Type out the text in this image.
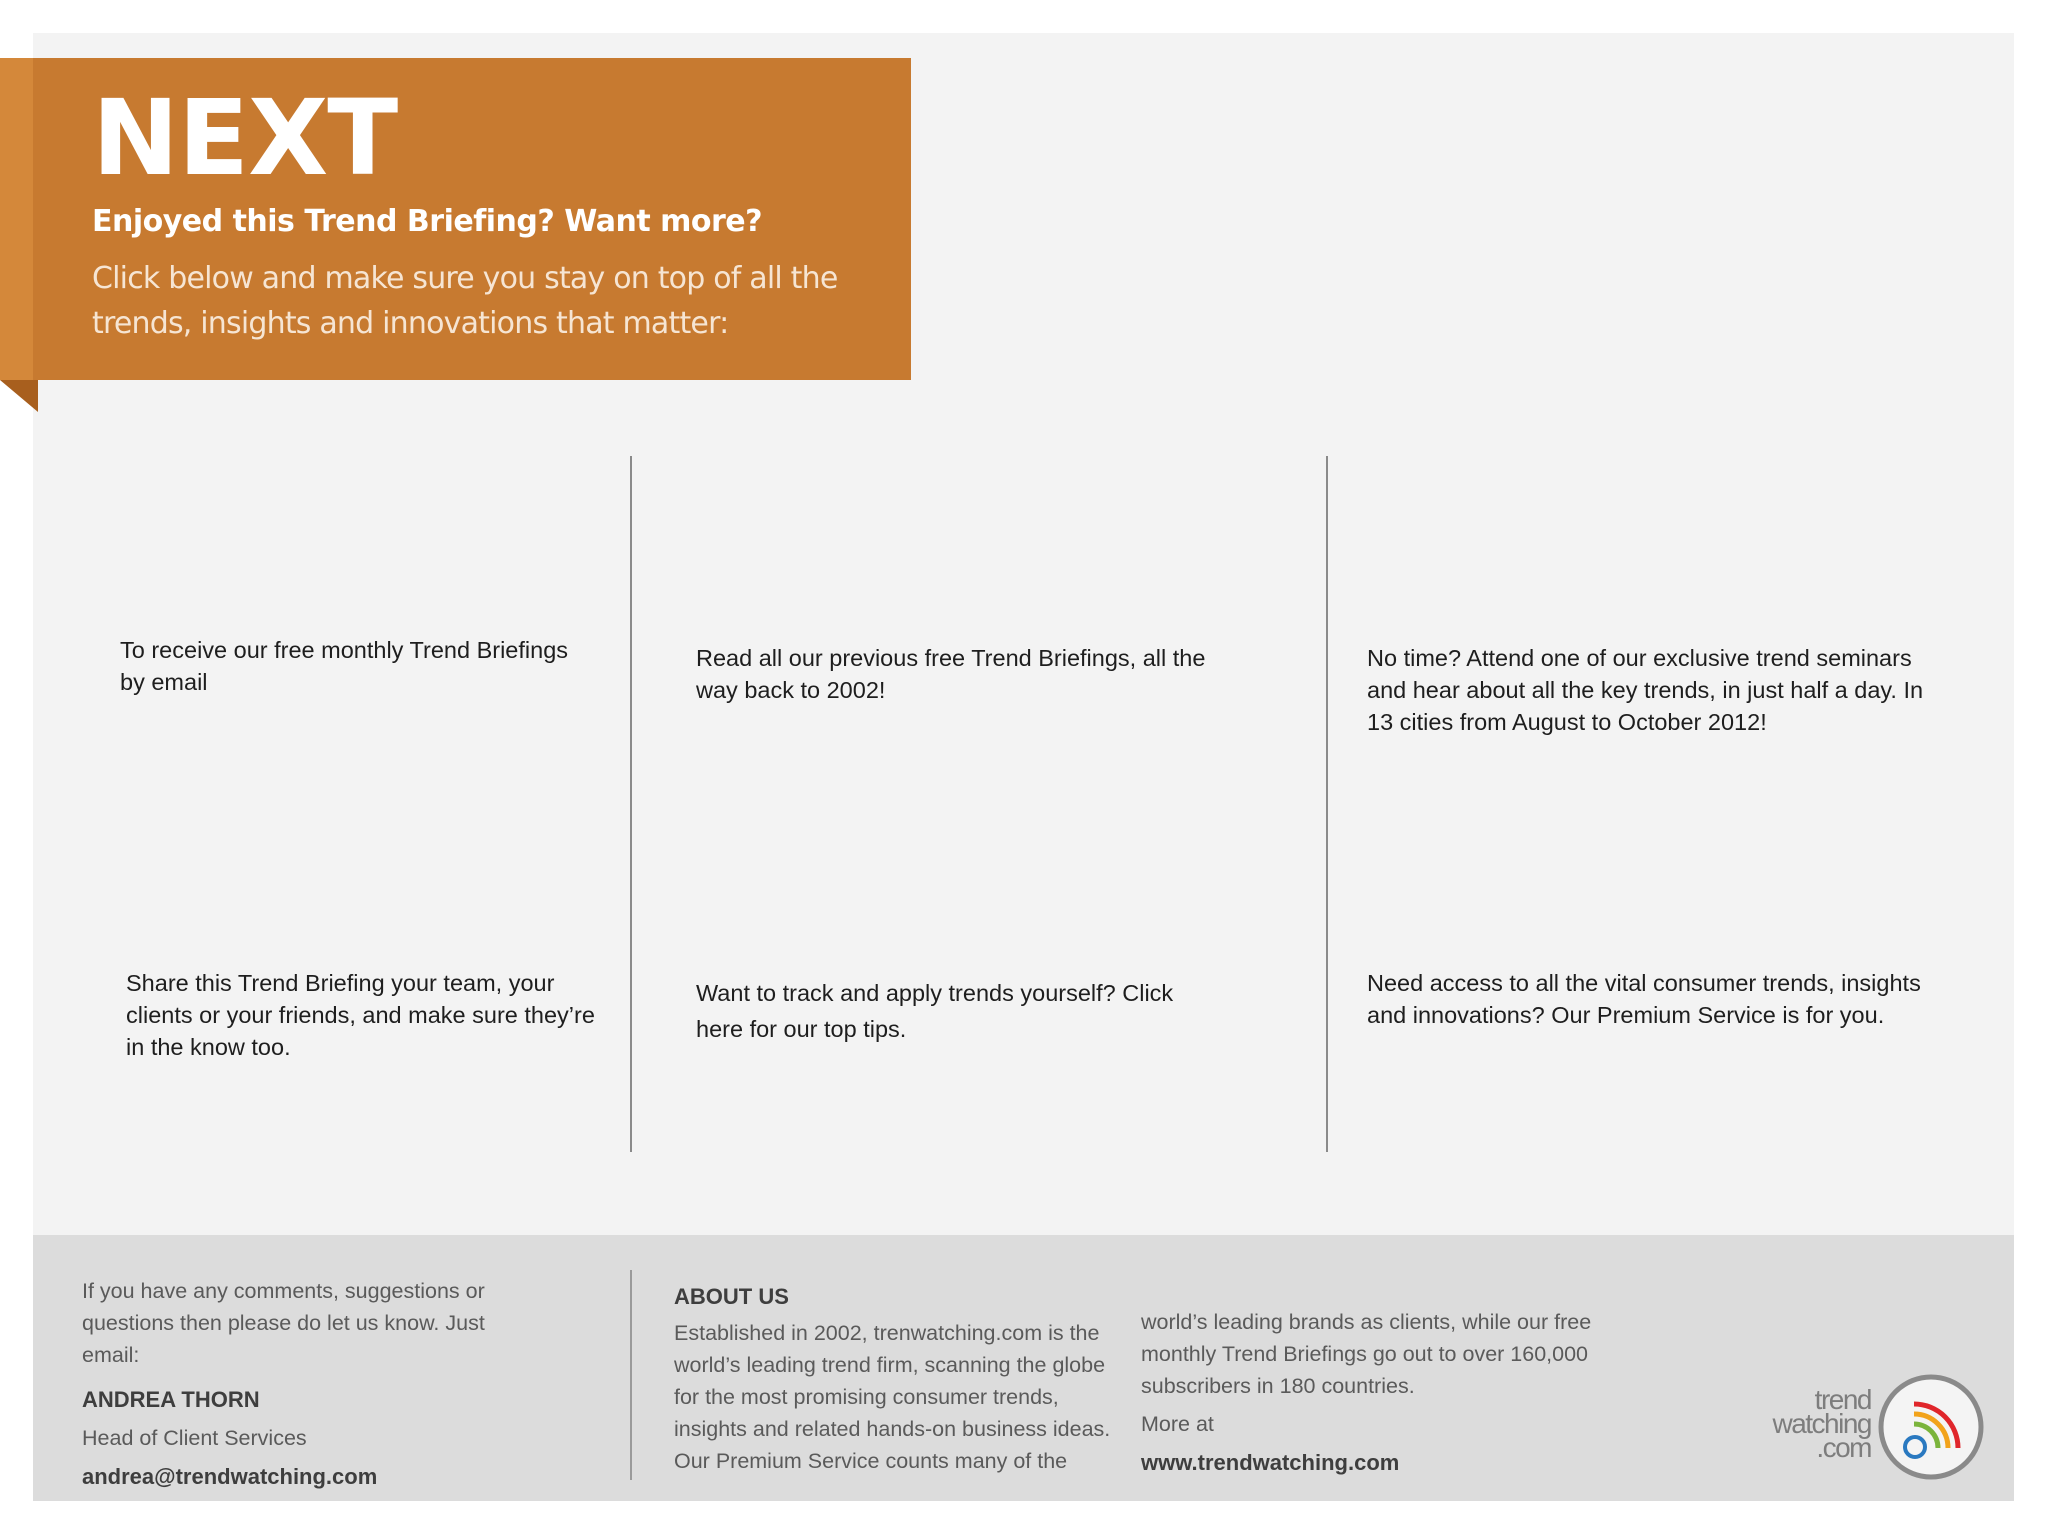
NEXT
Enjoyed this Trend Briefing? Want more?
Click below and make sure you stay on top of all the trends, insights and innovations that matter:
To receive our free monthly Trend Briefings by email
Read all our previous free Trend Briefings, all the way back to 2002!
No time? Attend one of our exclusive trend seminars and hear about all the key trends, in just half a day. In 13 cities from August to October 2012!
Share this Trend Briefing your team, your clients or your friends, and make sure they’re in the know too.
Want to track and apply trends yourself? Click here for our top tips.
Need access to all the vital consumer trends, insights and innovations? Our Premium Service is for you.
If you have any comments, suggestions or questions then please do let us know. Just email:
ANDREA THORN
Head of Client Services
andrea@trendwatching.com
ABOUT US
Established in 2002, trenwatching.com is the world’s leading trend firm, scanning the globe for the most promising consumer trends, insights and related hands-on business ideas. Our Premium Service counts many of the
world’s leading brands as clients, while our free monthly Trend Briefings go out to over 160,000 subscribers in 180 countries.
More at
www.trendwatching.com
trend
watching
.com
